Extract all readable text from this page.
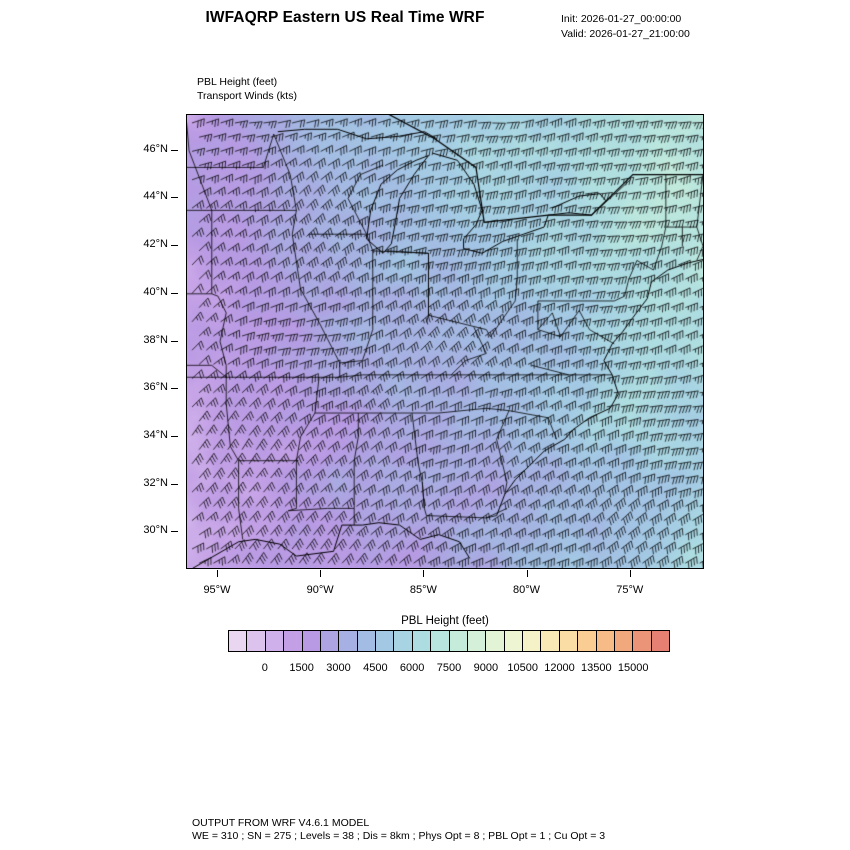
IWFAQRP Eastern US Real Time WRF	Init: 2026-01-27_00:00:00
Valid: 2026-01-27_21:00:00
PBL Height (feet)
Transport Winds (kts)
30°N
32°N
34°N
36°N
38°N
40°N
42°N
44°N
46°N
95°W	90°W	85°W	80°W	75°W
PBL Height (feet)
0 1500 3000 4500 6000 7500 9000 10500 12000 13500 15000
OUTPUT FROM WRF V4.6.1 MODEL
WE = 310 ; SN = 275 ; Levels = 38 ; Dis = 8km ; Phys Opt = 8 ; PBL Opt = 1 ; Cu Opt = 3
